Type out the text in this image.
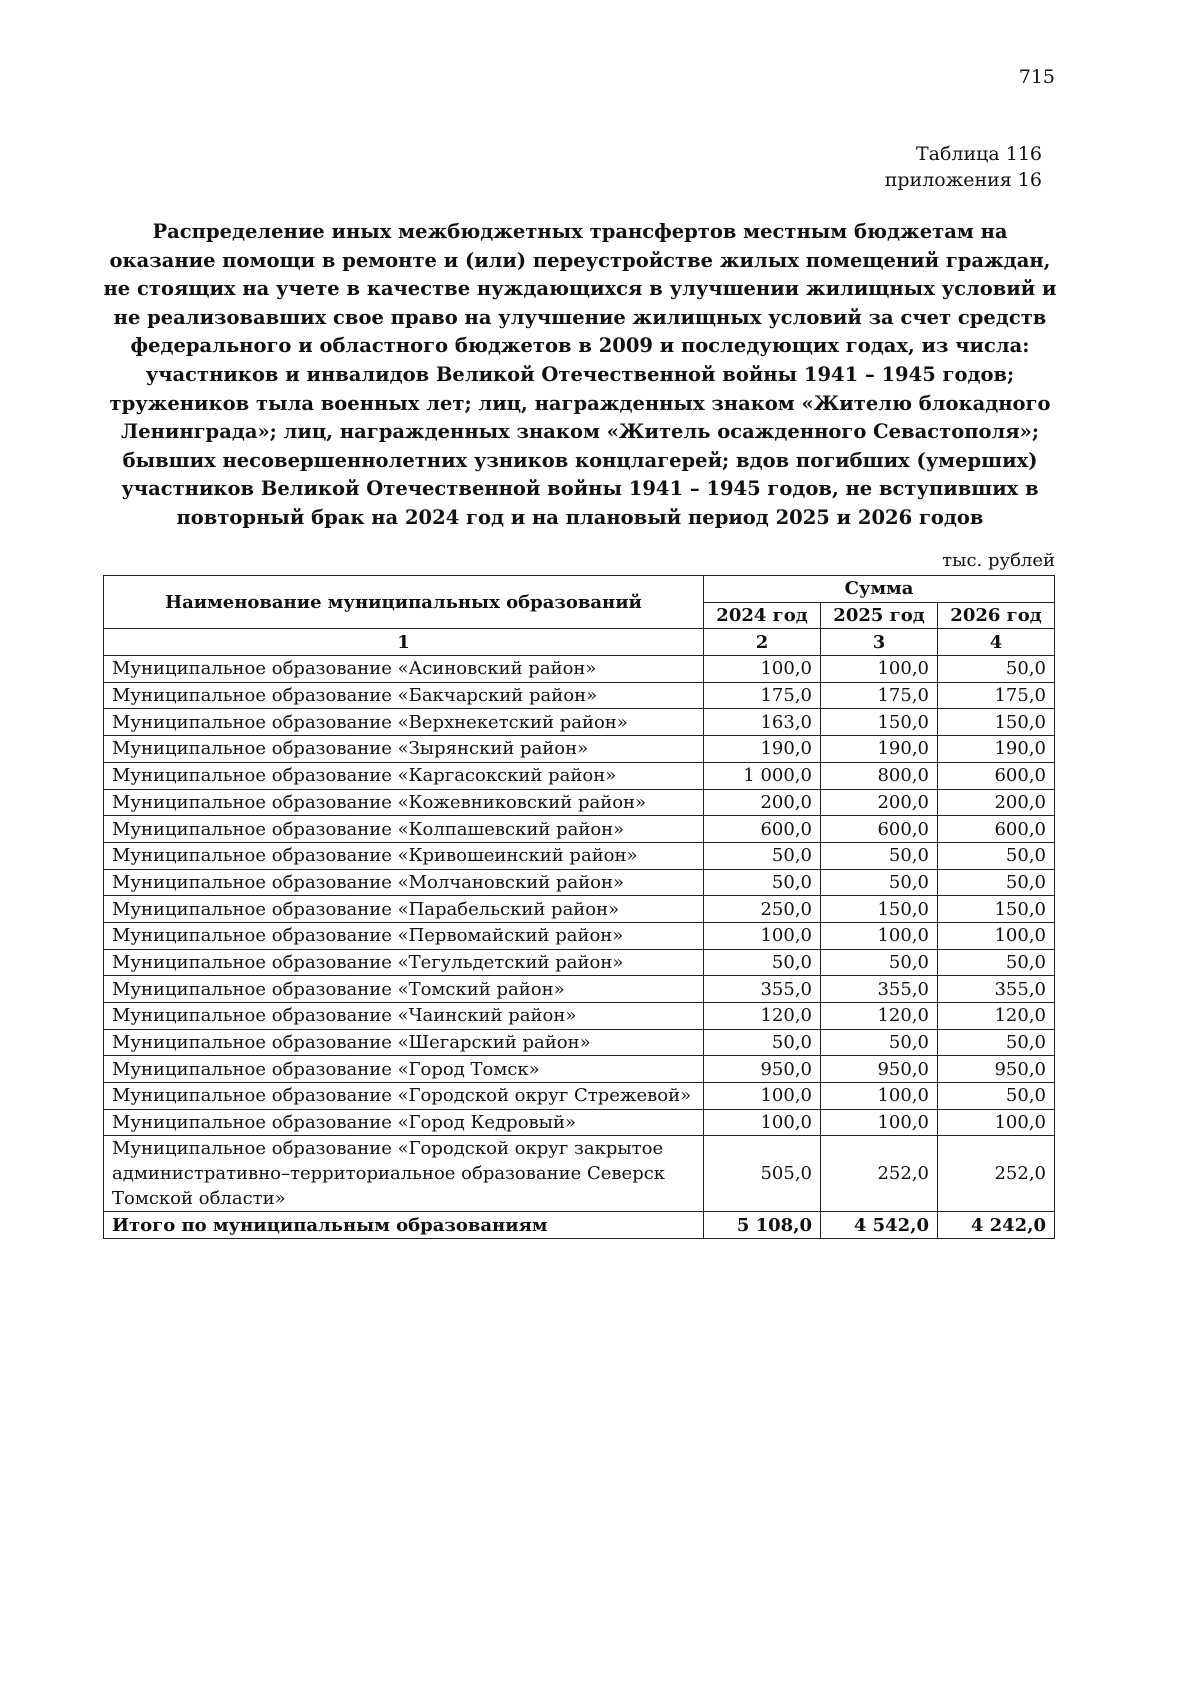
715
Таблица 116
приложения 16
Распределение иных межбюджетных трансфертов местным бюджетам на оказание помощи в ремонте и (или) переустройстве жилых помещений граждан, не стоящих на учете в качестве нуждающихся в улучшении жилищных условий и не реализовавших свое право на улучшение жилищных условий за счет средств федерального и областного бюджетов в 2009 и последующих годах, из числа: участников и инвалидов Великой Отечественной войны 1941 – 1945 годов; тружеников тыла военных лет; лиц, награжденных знаком «Жителю блокадного Ленинграда»; лиц, награжденных знаком «Житель осажденного Севастополя»; бывших несовершеннолетних узников концлагерей; вдов погибших (умерших) участников Великой Отечественной войны 1941 – 1945 годов, не вступивших в повторный брак на 2024 год и на плановый период 2025 и 2026 годов
тыс. рублей
Наименование муниципальных образований	Сумма		
	2024 год	2025 год	2026 год
1	2	3	4
Муниципальное образование «Асиновский район»	100,0	100,0	50,0
Муниципальное образование «Бакчарский район»	175,0	175,0	175,0
Муниципальное образование «Верхнекетский район»	163,0	150,0	150,0
Муниципальное образование «Зырянский район»	190,0	190,0	190,0
Муниципальное образование «Каргасокский район»	1 000,0	800,0	600,0
Муниципальное образование «Кожевниковский район»	200,0	200,0	200,0
Муниципальное образование «Колпашевский район»	600,0	600,0	600,0
Муниципальное образование «Кривошеинский район»	50,0	50,0	50,0
Муниципальное образование «Молчановский район»	50,0	50,0	50,0
Муниципальное образование «Парабельский район»	250,0	150,0	150,0
Муниципальное образование «Первомайский район»	100,0	100,0	100,0
Муниципальное образование «Тегульдетский район»	50,0	50,0	50,0
Муниципальное образование «Томский район»	355,0	355,0	355,0
Муниципальное образование «Чаинский район»	120,0	120,0	120,0
Муниципальное образование «Шегарский район»	50,0	50,0	50,0
Муниципальное образование «Город Томск»	950,0	950,0	950,0
Муниципальное образование «Городской округ Стрежевой»	100,0	100,0	50,0
Муниципальное образование «Город Кедровый»	100,0	100,0	100,0
Муниципальное образование «Городской округ закрытое административно–территориальное образование Северск Томской области»	505,0	252,0	252,0
Итого по муниципальным образованиям	5 108,0	4 542,0	4 242,0
